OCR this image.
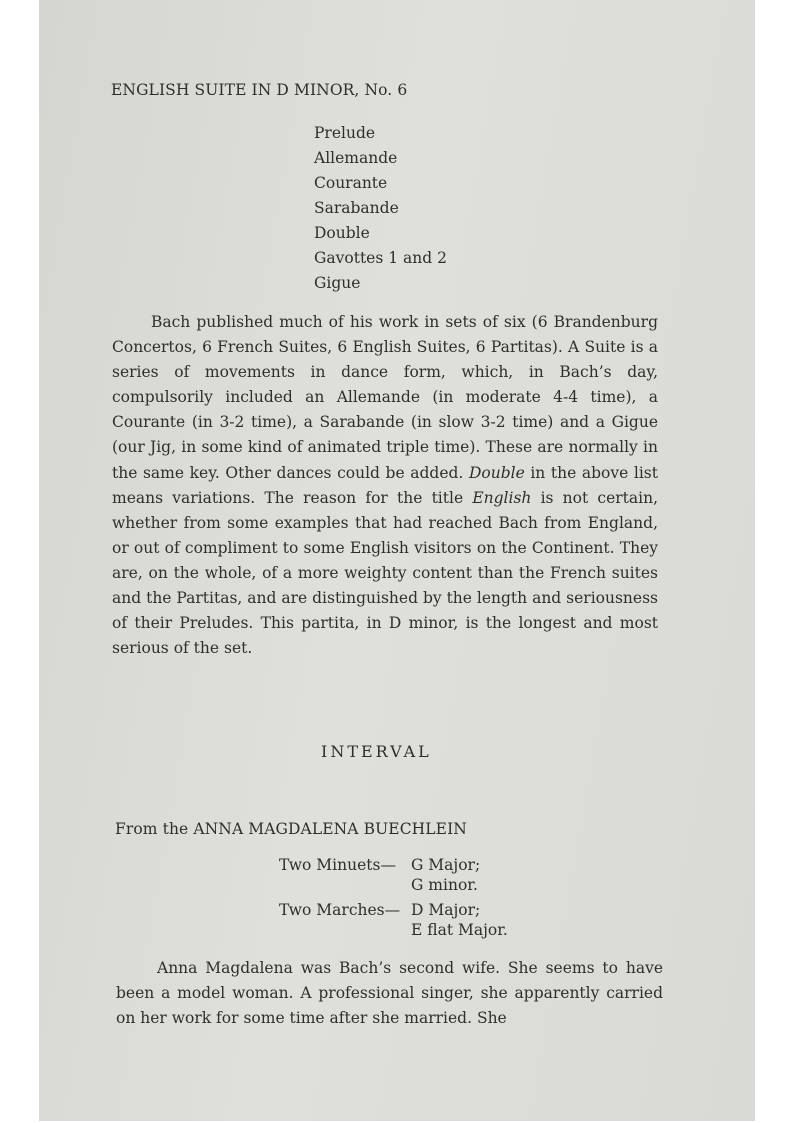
ENGLISH SUITE IN D MINOR, No. 6
Prelude
Allemande
Courante
Sarabande
Double
Gavottes 1 and 2
Gigue

Bach published much of his work in sets of six (6 Brandenburg Concertos, 6 French Suites, 6 English Suites, 6 Partitas). A Suite is a series of movements in dance form, which, in Bach’s day, compulsorily included an Allemande (in moderate 4-4 time), a Courante (in 3-2 time), a Sarabande (in slow 3-2 time) and a Gigue (our Jig, in some kind of animated triple time). These are normally in the same key. Other dances could be added. Double in the above list means variations. The reason for the title English is not certain, whether from some examples that had reached Bach from England, or out of compliment to some English visitors on the Continent. They are, on the whole, of a more weighty content than the French suites and the Partitas, and are distinguished by the length and seriousness of their Preludes. This partita, in D minor, is the longest and most serious of the set.

INTERVAL
From the ANNA MAGDALENA BUECHLEIN
Two Minuets— G Major;
G minor.
Two Marches— D Major;
E flat Major.

Anna Magdalena was Bach’s second wife. She seems to have been a model woman. A professional singer, she apparently carried on her work for some time after she married. She
